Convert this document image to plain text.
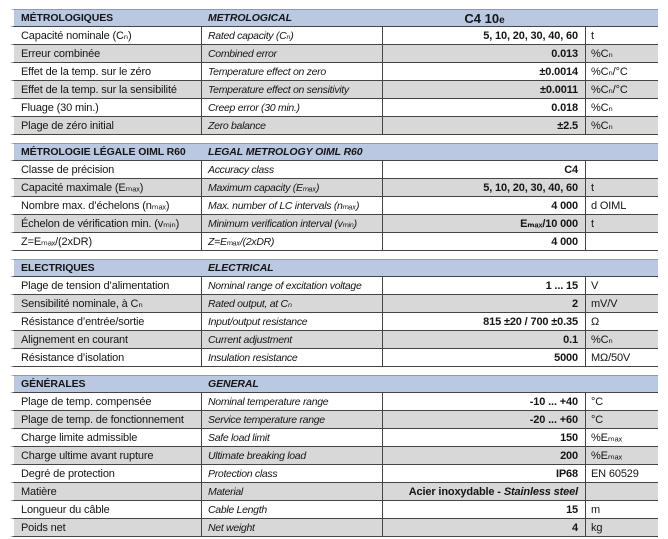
MÉTROLOGIQUES	METROLOGICAL	C4 10e	
Capacité nominale (Cₙ)	Rated capacity (Cₙ)	5, 10, 20, 30, 40, 60	t
Erreur combinée	Combined error	0.013	%Cₙ
Effet de la temp. sur le zéro	Temperature effect on zero	±0.0014	%Cₙ/°C
Effet de la temp. sur la sensibilité	Temperature effect on sensitivity	±0.0011	%Cₙ/°C
Fluage (30 min.)	Creep error (30 min.)	0.018	%Cₙ
Plage de zéro initial	Zero balance	±2.5	%Cₙ
MÉTROLOGIE LÉGALE OIML R60	LEGAL METROLOGY OIML R60		
Classe de précision	Accuracy class	C4	
Capacité maximale (Eₘₐₓ)	Maximum capacity (Eₘₐₓ)	5, 10, 20, 30, 40, 60	t
Nombre max. d’échelons (nₘₐₓ)	Max. number of LC intervals (nₘₐₓ)	4 000	d OIML
Échelon de vérification min. (vₘᵢₙ)	Minimum verification interval (vₘᵢₙ)	Eₘₐₓ/10 000	t
Z=Eₘₐₓ/(2xDR)	Z=Eₘₐₓ/(2xDR)	4 000	
ELECTRIQUES	ELECTRICAL		
Plage de tension d’alimentation	Nominal range of excitation voltage	1 ... 15	V
Sensibilité nominale, à Cₙ	Rated output, at Cₙ	2	mV/V
Résistance d’entrée/sortie	Input/output resistance	815 ±20 / 700 ±0.35	Ω
Alignement en courant	Current adjustment	0.1	%Cₙ
Résistance d’isolation	Insulation resistance	5000	MΩ/50V
GÉNÉRALES	GENERAL		
Plage de temp. compensée	Nominal temperature range	-10 ... +40	°C
Plage de temp. de fonctionnement	Service temperature range	-20 ... +60	°C
Charge limite admissible	Safe load limit	150	%Eₘₐₓ
Charge ultime avant rupture	Ultimate breaking load	200	%Eₘₐₓ
Degré de protection	Protection class	IP68	EN 60529
Matière	Material	Acier inoxydable - Stainless steel	
Longueur du câble	Cable Length	15	m
Poids net	Net weight	4	kg
